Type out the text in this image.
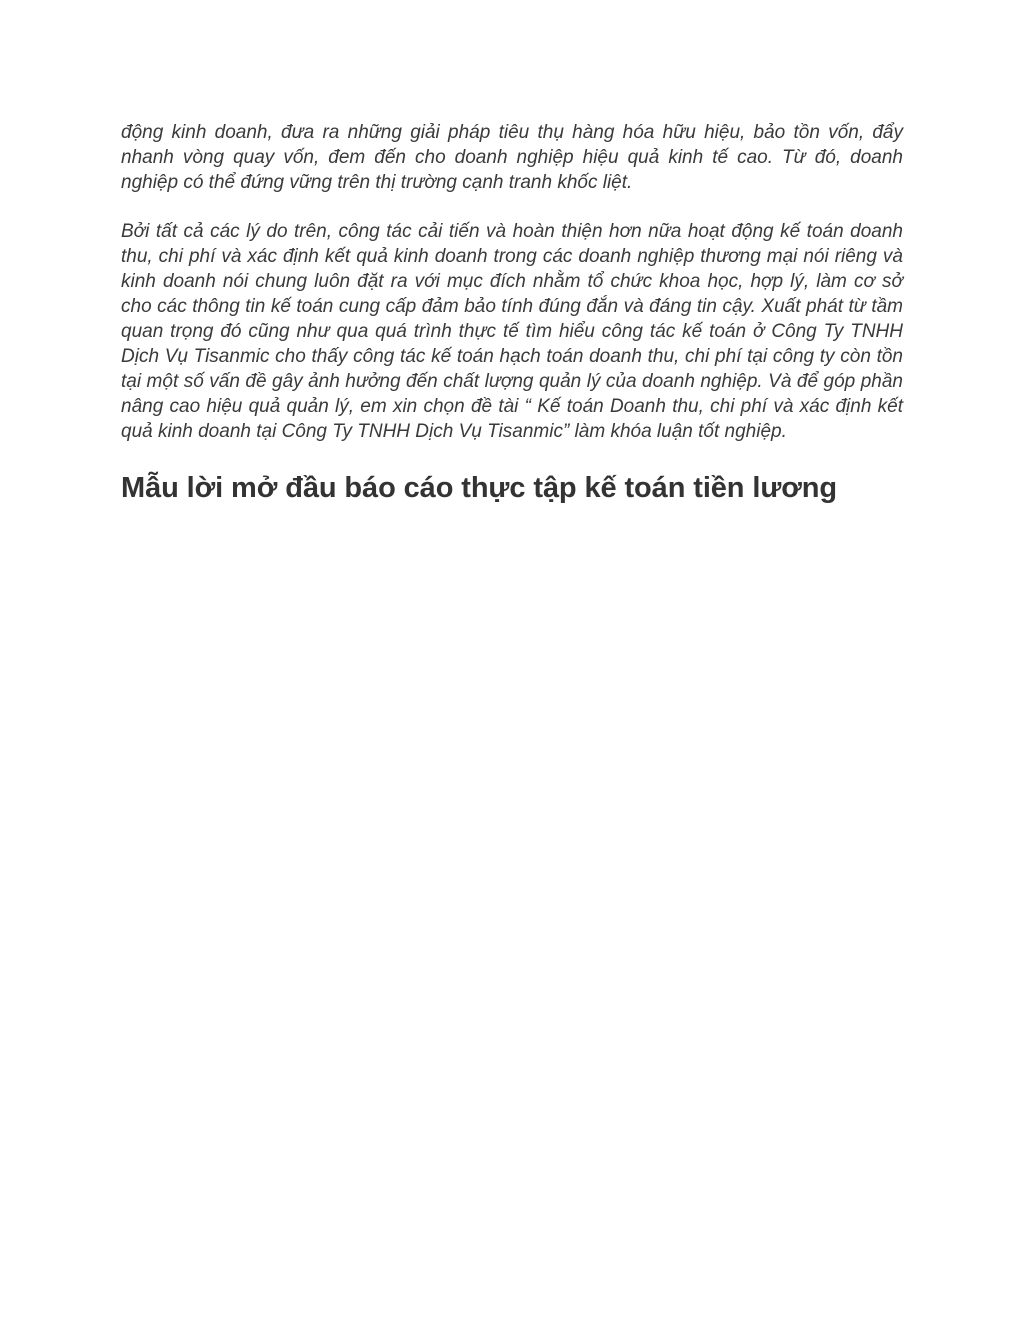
động kinh doanh, đưa ra những giải pháp tiêu thụ hàng hóa hữu hiệu, bảo tồn vốn, đẩy nhanh vòng quay vốn, đem đến cho doanh nghiệp hiệu quả kinh tế cao. Từ đó, doanh nghiệp có thể đứng vững trên thị trường cạnh tranh khốc liệt.

Bởi tất cả các lý do trên, công tác cải tiến và hoàn thiện hơn nữa hoạt động kế toán doanh thu, chi phí và xác định kết quả kinh doanh trong các doanh nghiệp thương mại nói riêng và kinh doanh nói chung luôn đặt ra với mục đích nhằm tổ chức khoa học, hợp lý, làm cơ sở cho các thông tin kế toán cung cấp đảm bảo tính đúng đắn và đáng tin cậy. Xuất phát từ tầm quan trọng đó cũng như qua quá trình thực tế tìm hiểu công tác kế toán ở Công Ty TNHH Dịch Vụ Tisanmic cho thấy công tác kế toán hạch toán doanh thu, chi phí tại công ty còn tồn tại một số vấn đề gây ảnh hưởng đến chất lượng quản lý của doanh nghiệp. Và để góp phần nâng cao hiệu quả quản lý, em xin chọn đề tài “ Kế toán Doanh thu, chi phí và xác định kết quả kinh doanh tại Công Ty TNHH Dịch Vụ Tisanmic” làm khóa luận tốt nghiệp.

Mẫu lời mở đầu báo cáo thực tập kế toán tiền lương
